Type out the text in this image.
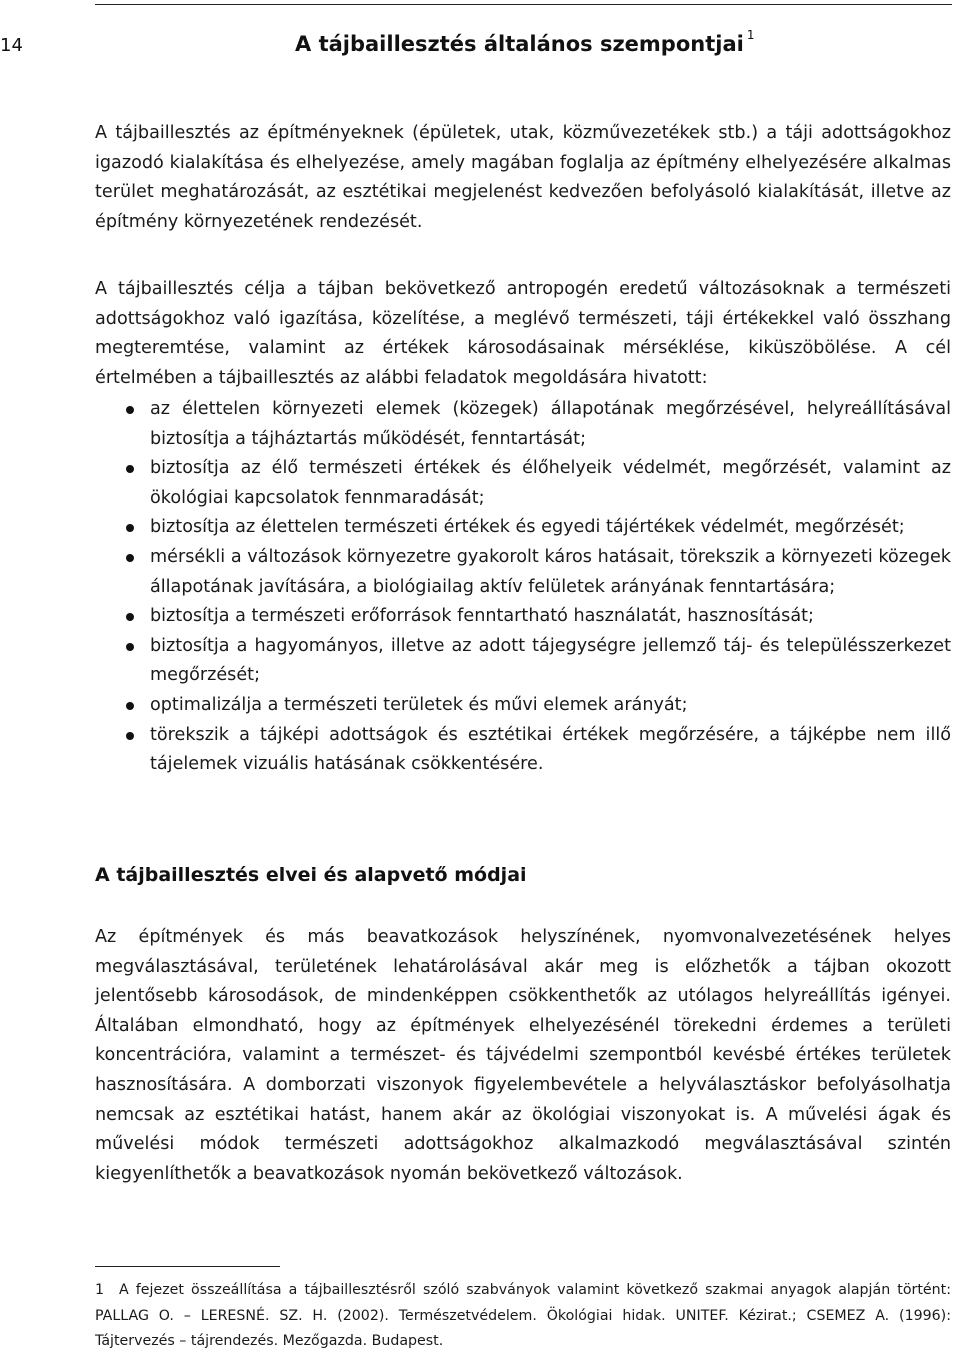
14	A tájbaillesztés általános szempontjai $^1$

A tájbaillesztés az építményeknek (épületek, utak, közművezetékek stb.) a táji adottságokhoz igazodó kialakítása és elhelyezése, amely magában foglalja az építmény elhelyezésére alkalmas terület meghatározását, az esztétikai megjelenést kedvezően befolyásoló kialakítását, illetve az építmény környezetének rendezését.

A tájbaillesztés célja a tájban bekövetkező antropogén eredetű változásoknak a természeti adottságokhoz való igazítása, közelítése, a meglévő természeti, táji értékekkel való összhang megteremtése, valamint az értékek károsodásainak mérséklése, kiküszöbölése. A cél értelmében a tájbaillesztés az alábbi feladatok megoldására hivatott:

az élettelen környezeti elemek (közegek) állapotának megőrzésével, helyreállításával biztosítja a tájháztartás működését, fenntartását;
biztosítja az élő természeti értékek és élőhelyeik védelmét, megőrzését, valamint az ökológiai kapcsolatok fennmaradását;
biztosítja az élettelen természeti értékek és egyedi tájértékek védelmét, megőrzését;
mérsékli a változások környezetre gyakorolt káros hatásait, törekszik a környezeti közegek állapotának javítására, a biológiailag aktív felületek arányának fenntartására;
biztosítja a természeti erőforrások fenntartható használatát, hasznosítását;
biztosítja a hagyományos, illetve az adott tájegységre jellemző táj- és településszerkezet megőrzését;
optimalizálja a természeti területek és művi elemek arányát;
törekszik a tájképi adottságok és esztétikai értékek megőrzésére, a tájképbe nem illő tájelemek vizuális hatásának csökkentésére.
A tájbaillesztés elvei és alapvető módjai

Az építmények és más beavatkozások helyszínének, nyomvonalvezetésének helyes megválasztásával, területének lehatárolásával akár meg is előzhetők a tájban okozott jelentősebb károsodások, de mindenképpen csökkenthetők az utólagos helyreállítás igényei. Általában elmondható, hogy az építmények elhelyezésénél törekedni érdemes a területi koncentrációra, valamint a természet- és tájvédelmi szempontból kevésbé értékes területek hasznosítására. A domborzati viszonyok figyelembevétele a helyválasztáskor befolyásolhatja nemcsak az esztétikai hatást, hanem akár az ökológiai viszonyokat is. A művelési ágak és művelési módok természeti adottságokhoz alkalmazkodó megválasztásával szintén kiegyenlíthetők a beavatkozások nyomán bekövetkező változások.

1 A fejezet összeállítása a tájbaillesztésről szóló szabványok valamint következő szakmai anyagok alapján történt: PALLAG O. – LERESNÉ. SZ. H. (2002). Természetvédelem. Ökológiai hidak. UNITEF. Kézirat.; CSEMEZ A. (1996): Tájtervezés – tájrendezés. Mezőgazda. Budapest.
